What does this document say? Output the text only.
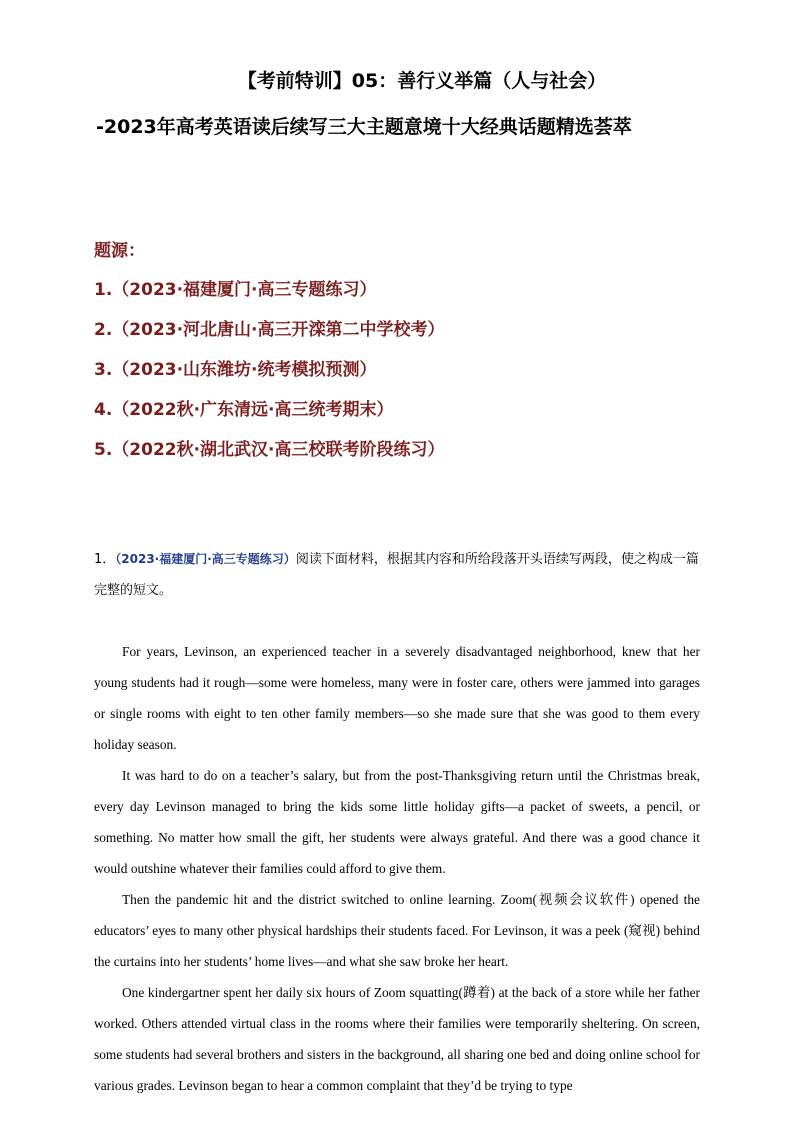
【考前特训】05：善行义举篇（人与社会）
-2023年高考英语读后续写三大主题意境十大经典话题精选荟萃
题源：
1.（2023·福建厦门·高三专题练习）
2.（2023·河北唐山·高三开滦第二中学校考）
3.（2023·山东潍坊·统考模拟预测）
4.（2022秋·广东清远·高三统考期末）
5.（2022秋·湖北武汉·高三校联考阶段练习）
1．（2023·福建厦门·高三专题练习）阅读下面材料，根据其内容和所给段落开头语续写两段，使之构成一篇完整的短文。

For years, Levinson, an experienced teacher in a severely disadvantaged neighborhood, knew that her young students had it rough—some were homeless, many were in foster care, others were jammed into garages or single rooms with eight to ten other family members—so she made sure that she was good to them every holiday season.

It was hard to do on a teacher’s salary, but from the post-Thanksgiving return until the Christmas break, every day Levinson managed to bring the kids some little holiday gifts—a packet of sweets, a pencil, or something. No matter how small the gift, her students were always grateful. And there was a good chance it would outshine whatever their families could afford to give them.

Then the pandemic hit and the district switched to online learning. Zoom(视频会议软件) opened the educators’ eyes to many other physical hardships their students faced. For Levinson, it was a peek (窥视) behind the curtains into her students’ home lives—and what she saw broke her heart.

One kindergartner spent her daily six hours of Zoom squatting(蹲着) at the back of a store while her father worked. Others attended virtual class in the rooms where their families were temporarily sheltering. On screen, some students had several brothers and sisters in the background, all sharing one bed and doing online school for various grades. Levinson began to hear a common complaint that they’d be trying to type
